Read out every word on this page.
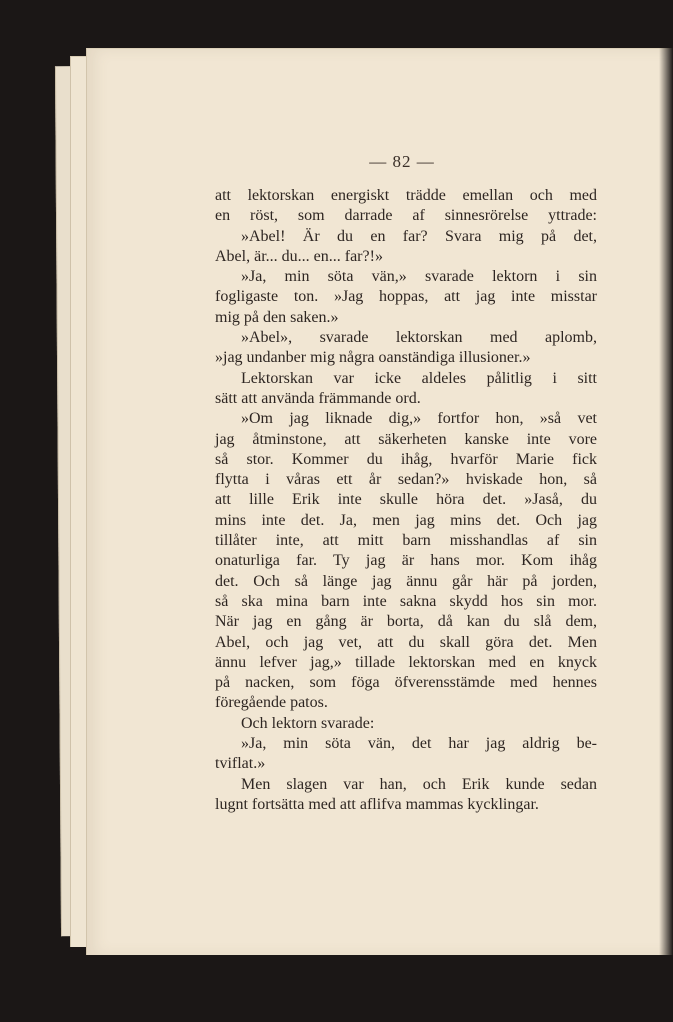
— 82 —
att lektorskan energiskt trädde emellan och med
en röst, som darrade af sinnesrörelse yttrade:
»Abel! Är du en far? Svara mig på det,
Abel, är... du... en... far?!»
»Ja, min söta vän,» svarade lektorn i sin
fogligaste ton. »Jag hoppas, att jag inte misstar
mig på den saken.»
»Abel», svarade lektorskan med aplomb,
»jag undanber mig några oanständiga illusioner.»
Lektorskan var icke aldeles pålitlig i sitt
sätt att använda främmande ord.
»Om jag liknade dig,» fortfor hon, »så vet
jag åtminstone, att säkerheten kanske inte vore
så stor. Kommer du ihåg, hvarför Marie fick
flytta i våras ett år sedan?» hviskade hon, så
att lille Erik inte skulle höra det. »Jaså, du
mins inte det. Ja, men jag mins det. Och jag
tillåter inte, att mitt barn misshandlas af sin
onaturliga far. Ty jag är hans mor. Kom ihåg
det. Och så länge jag ännu går här på jorden,
så ska mina barn inte sakna skydd hos sin mor.
När jag en gång är borta, då kan du slå dem,
Abel, och jag vet, att du skall göra det. Men
ännu lefver jag,» tillade lektorskan med en knyck
på nacken, som föga öfverensstämde med hennes
föregående patos.
Och lektorn svarade:
»Ja, min söta vän, det har jag aldrig be-
tviflat.»
Men slagen var han, och Erik kunde sedan
lugnt fortsätta med att aflifva mammas kycklingar.
